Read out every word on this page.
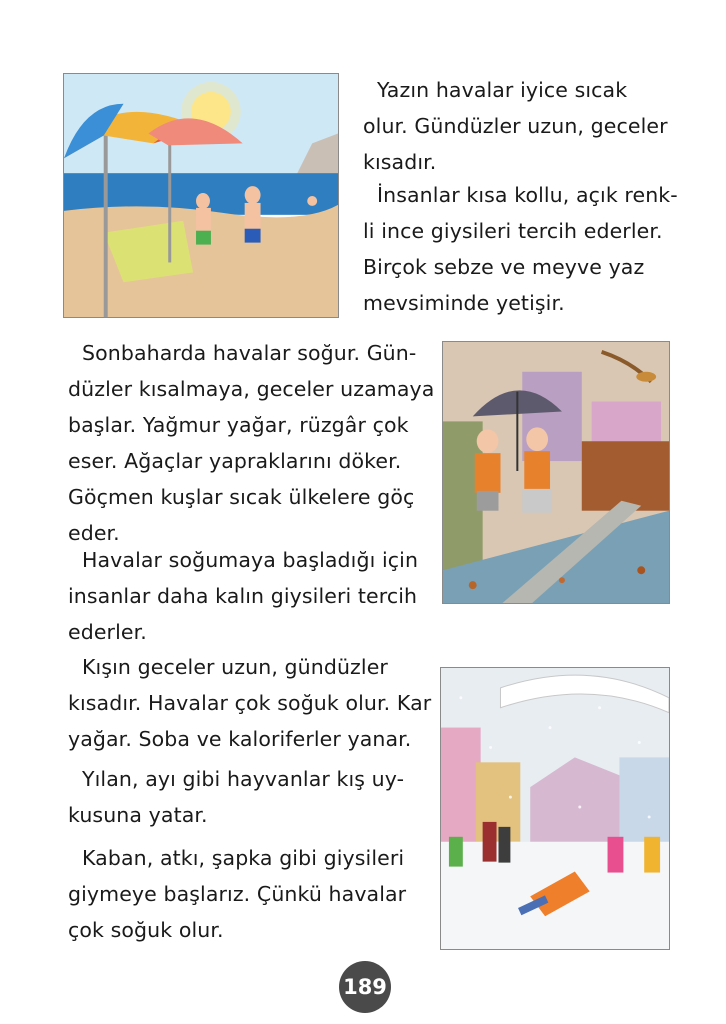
Yazın havalar iyice sıcak
olur. Gündüzler uzun, geceler
kısadır.

İnsanlar kısa kollu, açık renk-
li ince giysileri tercih ederler.
Birçok sebze ve meyve yaz
mevsiminde yetişir.

Sonbaharda havalar soğur. Gün-
düzler kısalmaya, geceler uzamaya
başlar. Yağmur yağar, rüzgâr çok
eser. Ağaçlar yapraklarını döker.
Göçmen kuşlar sıcak ülkelere göç
eder.

Havalar soğumaya başladığı için
insanlar daha kalın giysileri tercih
ederler.

Kışın geceler uzun, gündüzler
kısadır. Havalar çok soğuk olur. Kar
yağar. Soba ve kaloriferler yanar.

Yılan, ayı gibi hayvanlar kış uy-
kusuna yatar.

Kaban, atkı, şapka gibi giysileri
giymeye başlarız. Çünkü havalar
çok soğuk olur.

189
